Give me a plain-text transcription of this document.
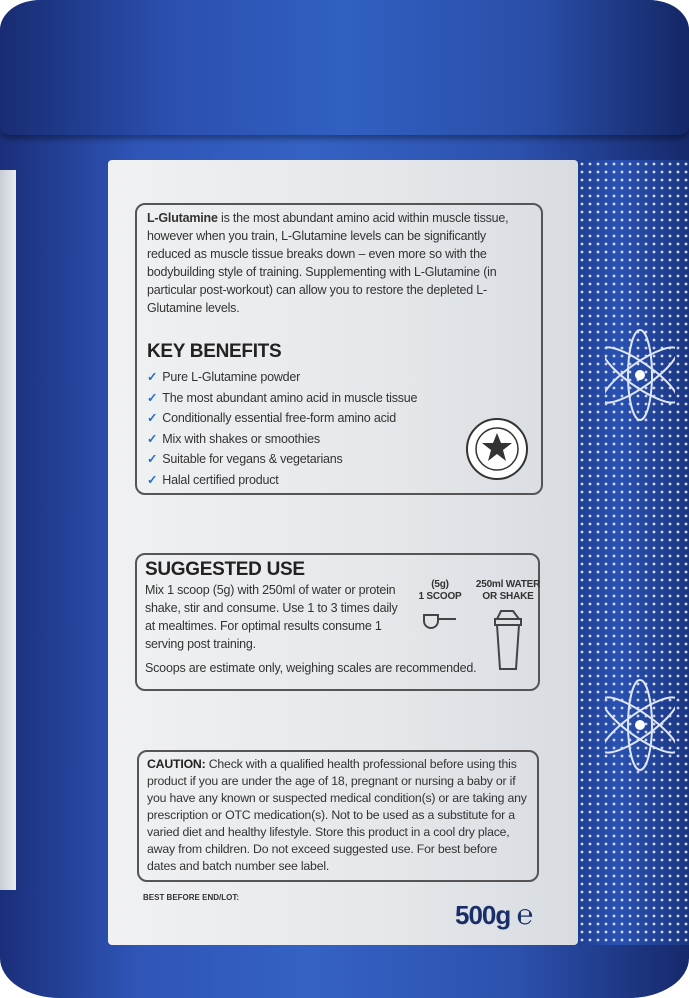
L-Glutamine is the most abundant amino acid within muscle tissue, however when you train, L-Glutamine levels can be significantly reduced as muscle tissue breaks down – even more so with the bodybuilding style of training. Supplementing with L-Glutamine (in particular post-workout) can allow you to restore the depleted L-Glutamine levels.

KEY BENEFITS
✓ Pure L-Glutamine powder
✓ The most abundant amino acid in muscle tissue
✓ Conditionally essential free-form amino acid
✓ Mix with shakes or smoothies
✓ Suitable for vegans & vegetarians
✓ Halal certified product
SUGGESTED USE

Mix 1 scoop (5g) with 250ml of water or protein shake, stir and consume. Use 1 to 3 times daily at mealtimes. For optimal results consume 1 serving post training.

Scoops are estimate only, weighing scales are recommended.

(5g)
1 SCOOP
250ml WATER
OR SHAKE

CAUTION: Check with a qualified health professional before using this product if you are under the age of 18, pregnant or nursing a baby or if you have any known or suspected medical condition(s) or are taking any prescription or OTC medication(s). Not to be used as a substitute for a varied diet and healthy lifestyle. Store this product in a cool dry place, away from children. Do not exceed suggested use. For best before dates and batch number see label.

BEST BEFORE END/LOT:
500g ℮
